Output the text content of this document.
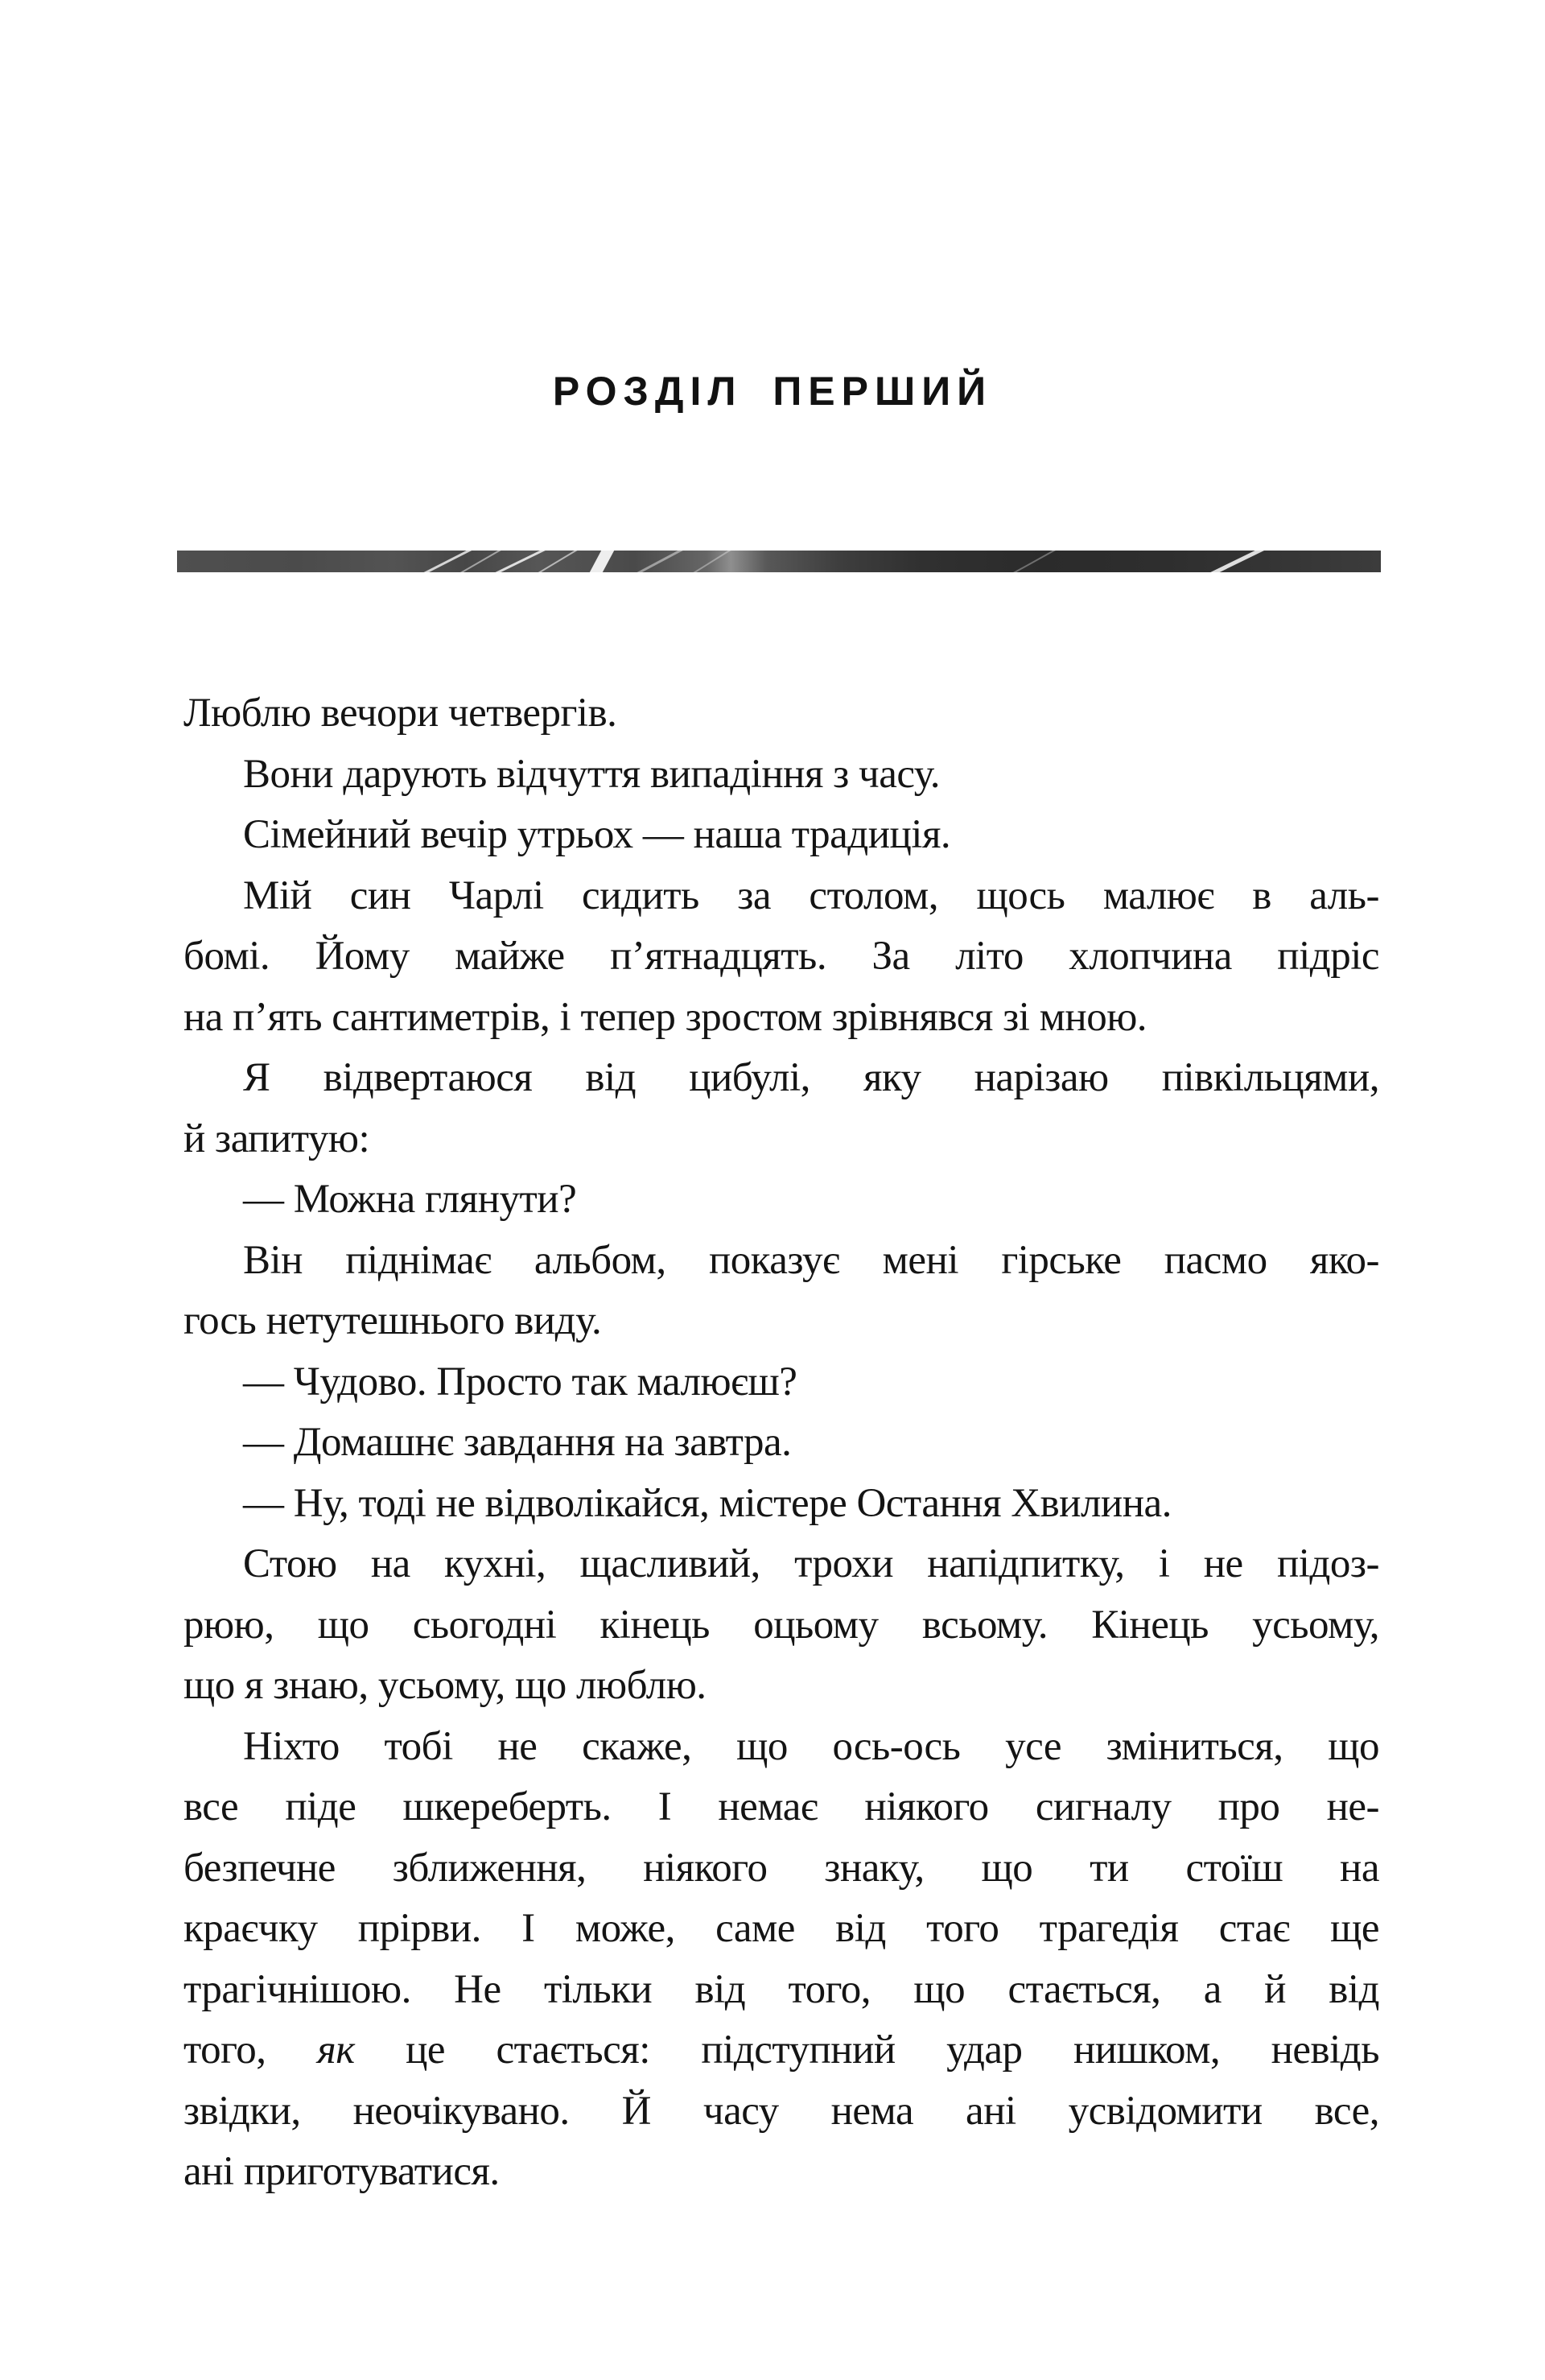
РОЗДІЛ ПЕРШИЙ
Люблю вечори четвергів.
Вони дарують відчуття випадіння з часу.
Сімейний вечір утрьох — наша традиція.
Мій син Чарлі сидить за столом, щось малює в аль-
бомі. Йому майже п’ятнадцять. За літо хлопчина підріс
на п’ять сантиметрів, і тепер зростом зрівнявся зі мною.
Я відвертаюся від цибулі, яку нарізаю півкільцями,
й запитую:
— Можна глянути?
Він піднімає альбом, показує мені гірське пасмо яко-
гось нетутешнього виду.
— Чудово. Просто так малюєш?
— Домашнє завдання на завтра.
— Ну, тоді не відволікайся, містере Остання Хвилина.
Стою на кухні, щасливий, трохи напідпитку, і не підоз-
рюю, що сьогодні кінець оцьому всьому. Кінець усьому,
що я знаю, усьому, що люблю.
Ніхто тобі не скаже, що ось-ось усе зміниться, що
все піде шкереберть. І немає ніякого сигналу про не-
безпечне зближення, ніякого знаку, що ти стоїш на
краєчку прірви. І може, саме від того трагедія стає ще
трагічнішою. Не тільки від того, що стається, а й від
того, як це стається: підступний удар нишком, невідь
звідки, неочікувано. Й часу нема ані усвідомити все,
ані приготуватися.
